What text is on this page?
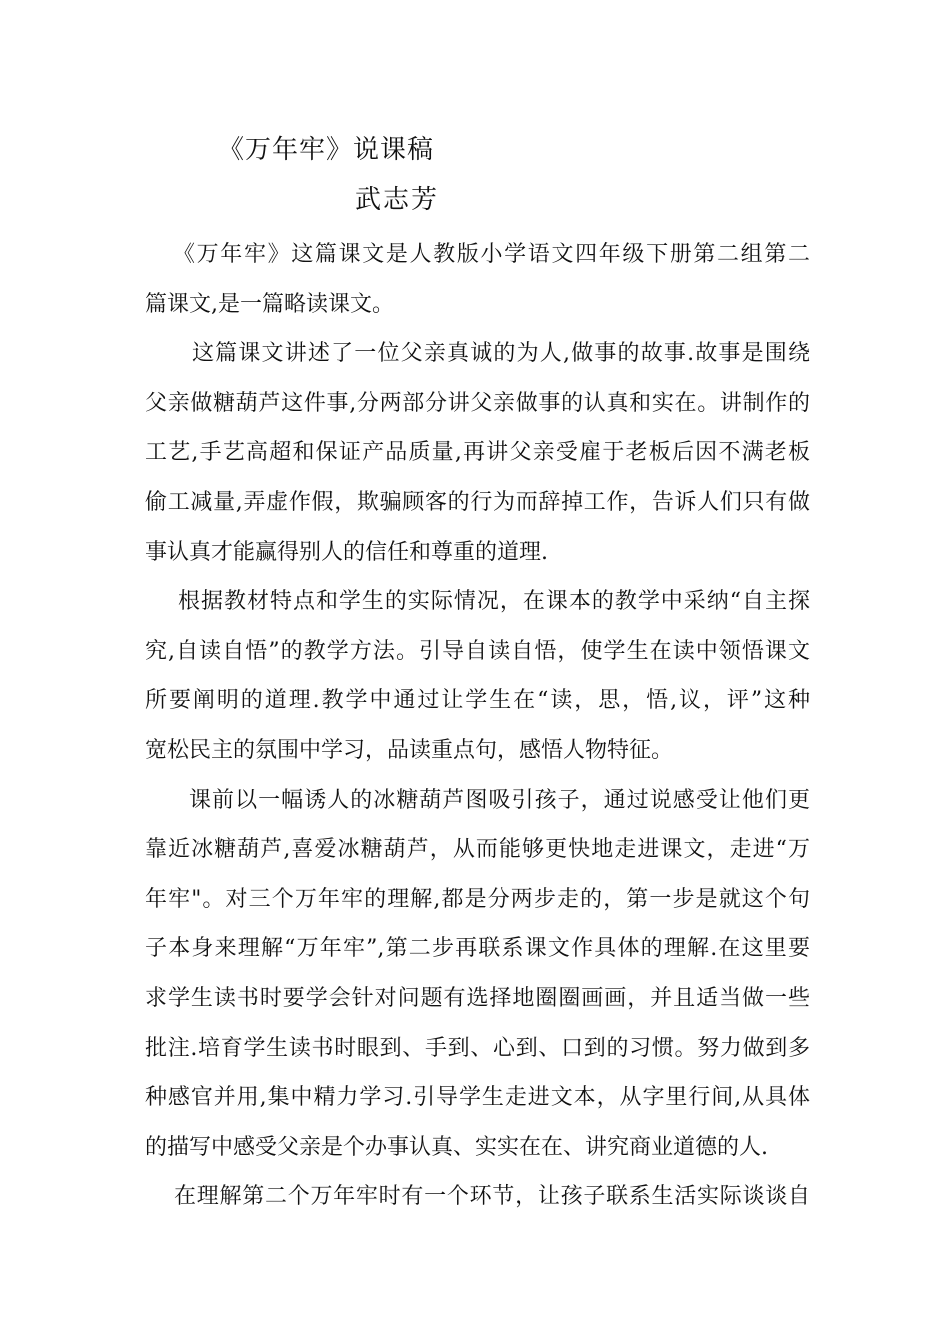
《万年牢》说课稿
武志芳
《万年牢》这篇课文是人教版小学语文四年级下册第二组第二
篇课文,是一篇略读课文。
这篇课文讲述了一位父亲真诚的为人,做事的故事.故事是围绕
父亲做糖葫芦这件事,分两部分讲父亲做事的认真和实在。讲制作的
工艺,手艺高超和保证产品质量,再讲父亲受雇于老板后因不满老板
偷工减量,弄虚作假，欺骗顾客的行为而辞掉工作，告诉人们只有做
事认真才能赢得别人的信任和尊重的道理.
根据教材特点和学生的实际情况，在课本的教学中采纳“自主探
究,自读自悟”的教学方法。引导自读自悟，使学生在读中领悟课文
所要阐明的道理.教学中通过让学生在“读，思，悟,议，评”这种
宽松民主的氛围中学习，品读重点句，感悟人物特征。
课前以一幅诱人的冰糖葫芦图吸引孩子，通过说感受让他们更
靠近冰糖葫芦,喜爱冰糖葫芦，从而能够更快地走进课文，走进“万
年牢"。对三个万年牢的理解,都是分两步走的，第一步是就这个句
子本身来理解“万年牢”,第二步再联系课文作具体的理解.在这里要
求学生读书时要学会针对问题有选择地圈圈画画，并且适当做一些
批注.培育学生读书时眼到、手到、心到、口到的习惯。努力做到多
种感官并用,集中精力学习.引导学生走进文本，从字里行间,从具体
的描写中感受父亲是个办事认真、实实在在、讲究商业道德的人.
在理解第二个万年牢时有一个环节，让孩子联系生活实际谈谈自
